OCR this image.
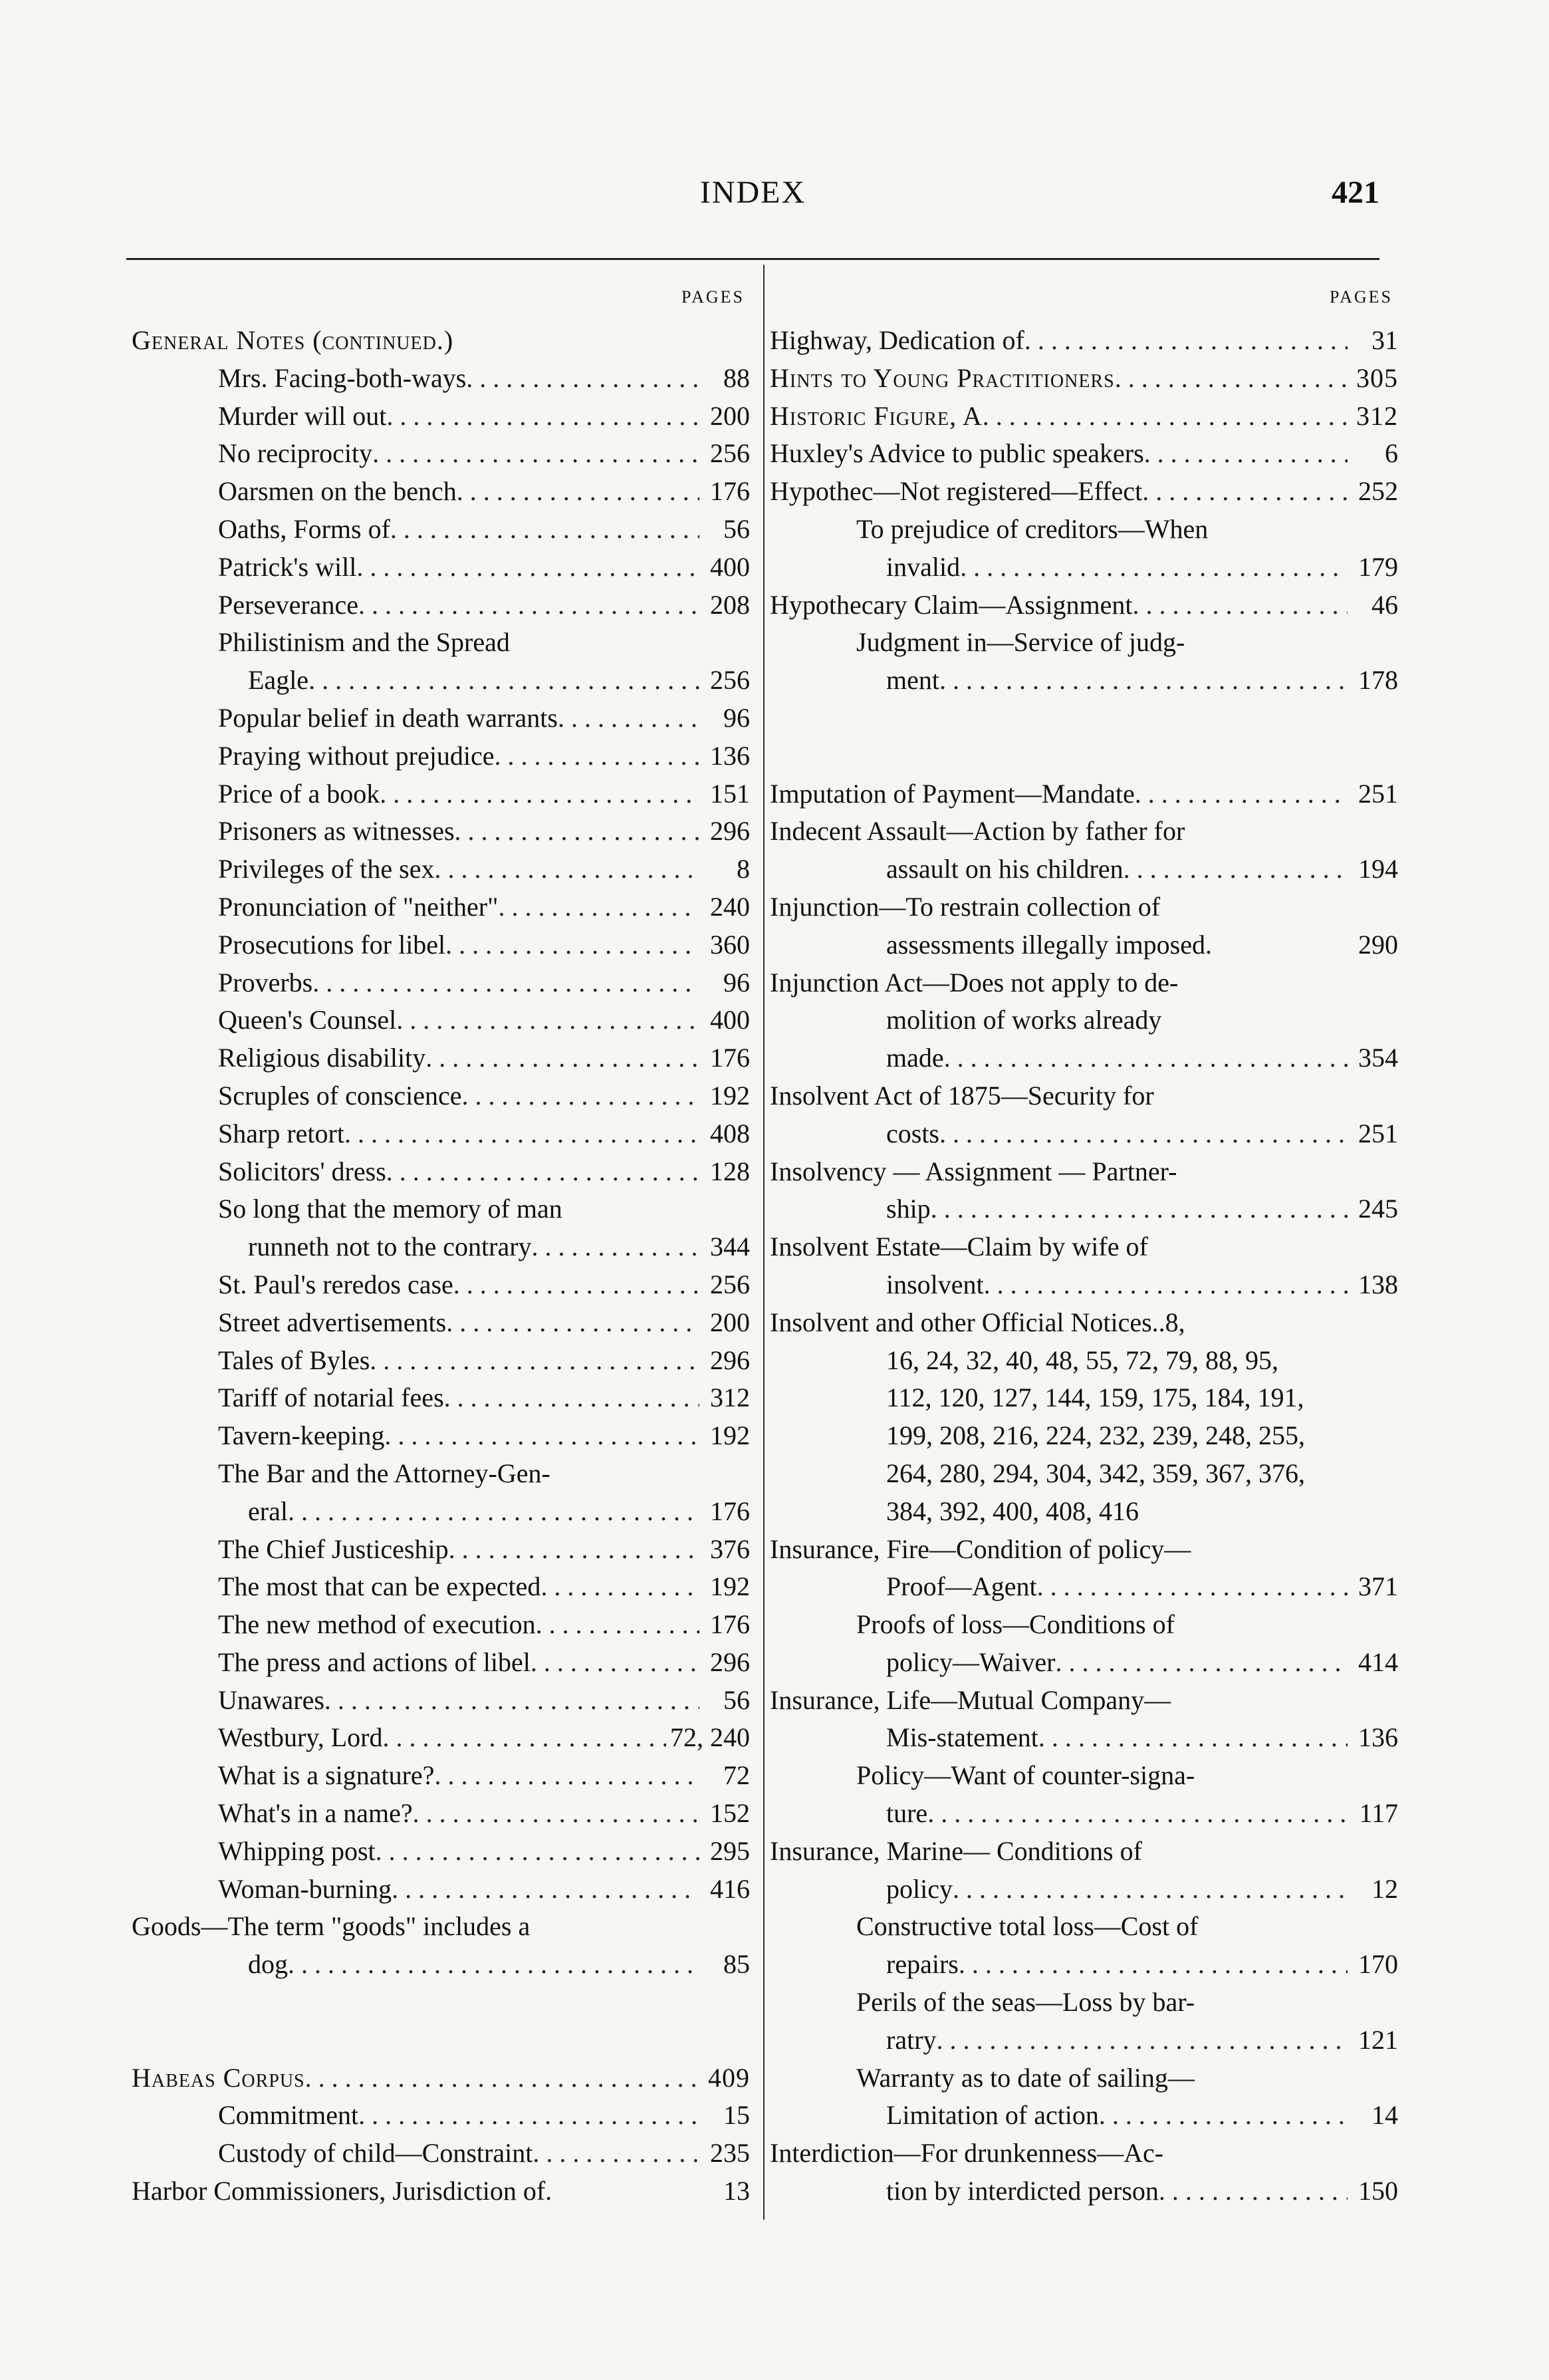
INDEX	421
PAGES
General Notes (continued.)
Mrs. Facing-both-ways . . .	88
Murder will out . . .	200
No reciprocity . . .	256
Oarsmen on the bench . . .	176
Oaths, Forms of . . .	56
Patrick's will . . .	400
Perseverance . . .	208
Philistinism and the Spread
Eagle . . .	256
Popular belief in death warrants . . .	96
Praying without prejudice . . .	136
Price of a book . . .	151
Prisoners as witnesses . . .	296
Privileges of the sex . . .	8
Pronunciation of "neither" . . .	240
Prosecutions for libel . . .	360
Proverbs . . .	96
Queen's Counsel . . .	400
Religious disability . . .	176
Scruples of conscience . . .	192
Sharp retort . . .	408
Solicitors' dress . . .	128
So long that the memory of man
runneth not to the contrary . . .	344
St. Paul's reredos case . . .	256
Street advertisements . . .	200
Tales of Byles . . .	296
Tariff of notarial fees . . .	312
Tavern-keeping . . .	192
The Bar and the Attorney-Gen-
eral . . .	176
The Chief Justiceship . . .	376
The most that can be expected . . .	192
The new method of execution . . .	176
The press and actions of libel . . .	296
Unawares . . .	56
Westbury, Lord . . .	72, 240
What is a signature? . . .	72
What's in a name? . . .	152
Whipping post . . .	295
Woman-burning . . .	416
Goods—The term "goods" includes a
dog . . .	85
Habeas Corpus . . .	409
Commitment . . .	15
Custody of child—Constraint . . .	235
Harbor Commissioners, Jurisdiction of.	13
PAGES
Highway, Dedication of . . .	31
Hints to Young Practitioners . . .	305
Historic Figure, A . . .	312
Huxley's Advice to public speakers . . .	6
Hypothec—Not registered—Effect . . .	252
To prejudice of creditors—When
invalid . . .	179
Hypothecary Claim—Assignment . . .	46
Judgment in—Service of judg-
ment . . .	178
Imputation of Payment—Mandate . . .	251
Indecent Assault—Action by father for
assault on his children . . .	194
Injunction—To restrain collection of
assessments illegally imposed.	290
Injunction Act—Does not apply to de-
molition of works already
made . . .	354
Insolvent Act of 1875—Security for
costs . . .	251
Insolvency — Assignment — Partner-
ship . . .	245
Insolvent Estate—Claim by wife of
insolvent . . .	138
Insolvent and other Official Notices..8,
16, 24, 32, 40, 48, 55, 72, 79, 88, 95,
112, 120, 127, 144, 159, 175, 184, 191,
199, 208, 216, 224, 232, 239, 248, 255,
264, 280, 294, 304, 342, 359, 367, 376,
384, 392, 400, 408, 416
Insurance, Fire—Condition of policy—
Proof—Agent . . .	371
Proofs of loss—Conditions of
policy—Waiver . . .	414
Insurance, Life—Mutual Company—
Mis-statement . . .	136
Policy—Want of counter-signa-
ture . . .	117
Insurance, Marine— Conditions of
policy . . .	12
Constructive total loss—Cost of
repairs . . .	170
Perils of the seas—Loss by bar-
ratry . . .	121
Warranty as to date of sailing—
Limitation of action . . .	14
Interdiction—For drunkenness—Ac-
tion by interdicted person . . .	150
